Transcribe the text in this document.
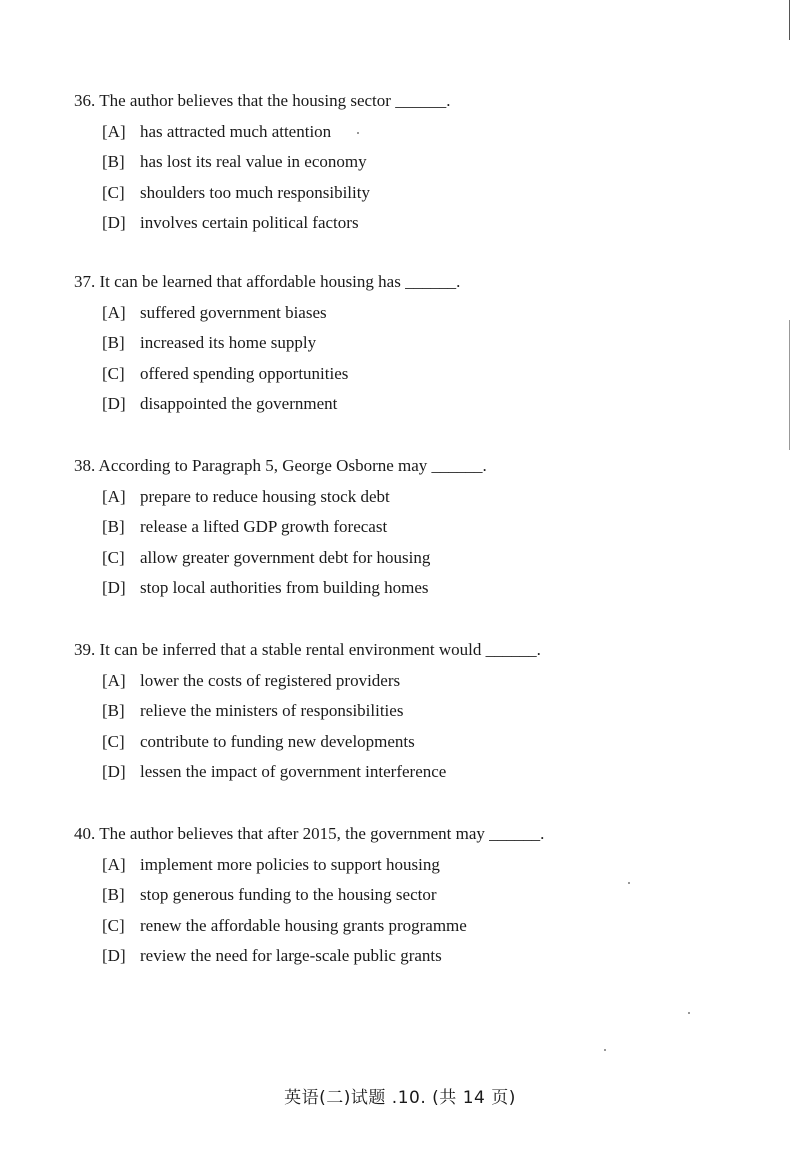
36. The author believes that the housing sector ______.

[A] has attracted much attention
[B] has lost its real value in economy
[C] shoulders too much responsibility
[D] involves certain political factors

37. It can be learned that affordable housing has ______.

[A] suffered government biases
[B] increased its home supply
[C] offered spending opportunities
[D] disappointed the government

38. According to Paragraph 5, George Osborne may ______.

[A] prepare to reduce housing stock debt
[B] release a lifted GDP growth forecast
[C] allow greater government debt for housing
[D] stop local authorities from building homes

39. It can be inferred that a stable rental environment would ______.

[A] lower the costs of registered providers
[B] relieve the ministers of responsibilities
[C] contribute to funding new developments
[D] lessen the impact of government interference

40. The author believes that after 2015, the government may ______.

[A] implement more policies to support housing
[B] stop generous funding to the housing sector
[C] renew the affordable housing grants programme
[D] review the need for large-scale public grants
英语(二)试题 .10. (共 14 页)
